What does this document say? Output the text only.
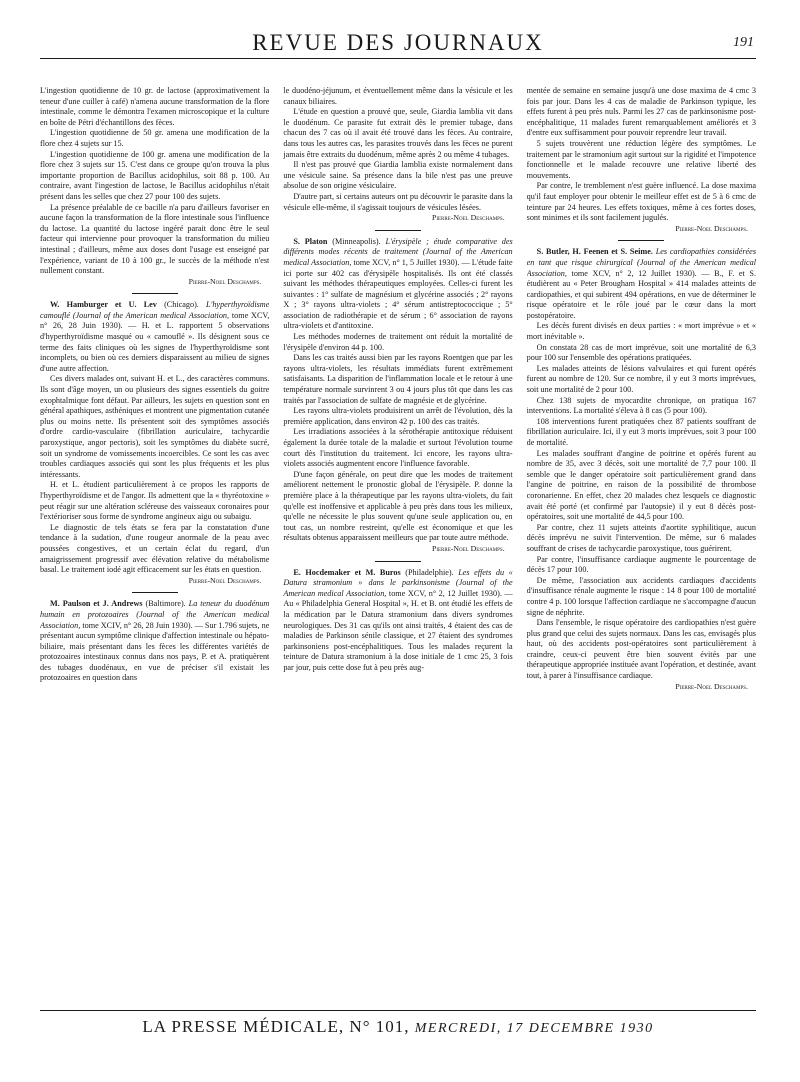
REVUE DES JOURNAUX	191

L'ingestion quotidienne de 10 gr. de lactose (approximativement la teneur d'une cuiller à café) n'amena aucune transformation de la flore intestinale, comme le démontra l'examen microscopique et la culture en boîte de Pétri d'échantillons des fèces.

L'ingestion quotidienne de 50 gr. amena une modification de la flore chez 4 sujets sur 15.

L'ingestion quotidienne de 100 gr. amena une modification de la flore chez 3 sujets sur 15. C'est dans ce groupe qu'on trouva la plus importante proportion de Bacillus acidophilus, soit 88 p. 100. Au contraire, avant l'ingestion de lactose, le Bacillus acidophilus n'était présent dans les selles que chez 27 pour 100 des sujets.

La présence préalable de ce bacille n'a paru d'ailleurs favoriser en aucune façon la transformation de la flore intestinale sous l'influence du lactose. La quantité du lactose ingéré parait donc être le seul facteur qui intervienne pour provoquer la transformation du milieu intestinal ; d'ailleurs, même aux doses dont l'usage est enseigné par l'expérience, variant de 10 à 100 gr., le succès de la méthode n'est nullement constant.

Pierre-Noel Deschamps.

W. Hamburger et U. Lev (Chicago). L'hyperthyroïdisme camouflé (Journal of the American medical Association, tome XCV, n° 26, 28 Juin 1930). — H. et L. rapportent 5 observations d'hyperthyroïdisme masqué ou « camouflé ». Ils désignent sous ce terme des faits cliniques où les signes de l'hyperthyroïdisme sont incomplets, ou bien où ces derniers disparaissent au milieu de signes d'une autre affection.

Ces divers malades ont, suivant H. et L., des caractères communs. Ils sont d'âge moyen, un ou plusieurs des signes essentiels du goitre exophtalmique font défaut. Par ailleurs, les sujets en question sont en général apathiques, asthéniques et montrent une pigmentation cutanée plus ou moins nette. Ils présentent soit des symptômes associés d'ordre cardio-vasculaire (fibrillation auriculaire, tachycardie paroxystique, angor pectoris), soit les symptômes du diabète sucré, soit un syndrome de vomissements incoercibles. Ce sont les cas avec troubles cardiaques associés qui sont les plus fréquents et les plus intéressants.

H. et L. étudient particulièrement à ce propos les rapports de l'hyperthyroïdisme et de l'angor. Ils admettent que la « thyréotoxine » peut réagir sur une altération scléreuse des vaisseaux coronaires pour l'extérioriser sous forme de syndrome angineux aigu ou subaigu.

Le diagnostic de tels états se fera par la constatation d'une tendance à la sudation, d'une rougeur anormale de la peau avec poussées congestives, et un certain éclat du regard, d'un amaigrissement progressif avec élévation relative du métabolisme basal. Le traitement iodé agit efficacement sur les états en question.

Pierre-Noel Deschamps.

M. Paulson et J. Andrews (Baltimore). La teneur du duodénum humain en protozoaires (Journal of the American medical Association, tome XCIV, n° 26, 28 Juin 1930). — Sur 1.796 sujets, ne présentant aucun symptôme clinique d'affection intestinale ou hépato-biliaire, mais présentant dans les fèces les différentes variétés de protozoaires intestinaux connus dans nos pays, P. et A. pratiquèrent des tubages duodénaux, en vue de préciser s'il existait les protozoaires en question dans

le duodéno-jéjunum, et éventuellement même dans la vésicule et les canaux biliaires.

L'étude en question a prouvé que, seule, Giardia lamblia vit dans le duodénum. Ce parasite fut extrait dès le premier tubage, dans chacun des 7 cas où il avait été trouvé dans les fèces. Au contraire, dans tous les autres cas, les parasites trouvés dans les fèces ne purent jamais être extraits du duodénum, même après 2 ou même 4 tubages.

Il n'est pas prouvé que Giardia lamblia existe normalement dans une vésicule saine. Sa présence dans la bile n'est pas une preuve absolue de son origine vésiculaire.

D'autre part, si certains auteurs ont pu découvrir le parasite dans la vésicule elle-même, il s'agissait toujours de vésicules lésées.

Pierre-Noel Deschamps.

S. Platon (Minneapolis). L'érysipèle ; étude comparative des différents modes récents de traitement (Journal of the American medical Association, tome XCV, n° 1, 5 Juillet 1930). — L'étude faite ici porte sur 402 cas d'érysipèle hospitalisés. Ils ont été classés suivant les méthodes thérapeutiques employées. Celles-ci furent les suivantes : 1° sulfate de magnésium et glycérine associés ; 2° rayons X ; 3° rayons ultra-violets ; 4° sérum antistreptococcique ; 5° association de radiothérapie et de sérum ; 6° association de rayons ultra-violets et d'antitoxine.

Les méthodes modernes de traitement ont réduit la mortalité de l'érysipèle d'environ 44 p. 100.

Dans les cas traités aussi bien par les rayons Roentgen que par les rayons ultra-violets, les résultats immédiats furent extrêmement satisfaisants. La disparition de l'inflammation locale et le retour à une température normale survinrent 3 ou 4 jours plus tôt que dans les cas traités par l'association de sulfate de magnésie et de glycérine.

Les rayons ultra-violets produisirent un arrêt de l'évolution, dès la première application, dans environ 42 p. 100 des cas traités.

Les irradiations associées à la sérothérapie antitoxique réduisent également la durée totale de la maladie et surtout l'évolution tourne court dès l'institution du traitement. Ici encore, les rayons ultra-violets associés augmentent encore l'influence favorable.

D'une façon générale, on peut dire que les modes de traitement améliorent nettement le pronostic global de l'érysipèle. P. donne la première place à la thérapeutique par les rayons ultra-violets, du fait qu'elle est inoffensive et applicable à peu près dans tous les milieux, qu'elle ne nécessite le plus souvent qu'une seule application ou, en tout cas, un nombre restreint, qu'elle est économique et que les résultats obtenus apparaissent meilleurs que par toute autre méthode.

Pierre-Noel Deschamps.

E. Hocdemaker et M. Buros (Philadelphie). Les effets du « Datura stramonium » dans le parkinsonisme (Journal of the American medical Association, tome XCV, n° 2, 12 Juillet 1930). — Au « Philadelphia General Hospital », H. et B. ont étudié les effets de la médication par le Datura stramonium dans divers syndromes neurologiques. Des 31 cas qu'ils ont ainsi traités, 4 étaient des cas de maladies de Parkinson sénile classique, et 27 étaient des syndromes parkinsoniens post-encéphalitiques. Tous les malades reçurent la teinture de Datura stramonium à la dose initiale de 1 cmc 25, 3 fois par jour, puis cette dose fut à peu près aug-

mentée de semaine en semaine jusqu'à une dose maxima de 4 cmc 3 fois par jour. Dans les 4 cas de maladie de Parkinson typique, les effets furent à peu près nuls. Parmi les 27 cas de parkinsonisme post-encéphalitique, 11 malades furent remarquablement améliorés et 3 d'entre eux suffisamment pour pouvoir reprendre leur travail.

5 sujets trouvèrent une réduction légère des symptômes. Le traitement par le stramonium agit surtout sur la rigidité et l'impotence fonctionnelle et le malade recouvre une relative liberté des mouvements.

Par contre, le tremblement n'est guère influencé. La dose maxima qu'il faut employer pour obtenir le meilleur effet est de 5 à 6 cmc de teinture par 24 heures. Les effets toxiques, même à ces fortes doses, sont minimes et ils sont facilement jugulés.

Pierre-Noel Deschamps.

S. Butler, H. Feenen et S. Seime. Les cardiopathies considérées en tant que risque chirurgical (Journal of the American medical Association, tome XCV, n° 2, 12 Juillet 1930). — B., F. et S. étudièrent au « Peter Brougham Hospital » 414 malades atteints de cardiopathies, et qui subirent 494 opérations, en vue de déterminer le risque opératoire et le rôle joué par le cœur dans la mort postopératoire.

Les décès furent divisés en deux parties : « mort imprévue » et « mort inévitable ».

On constata 28 cas de mort imprévue, soit une mortalité de 6,3 pour 100 sur l'ensemble des opérations pratiquées.

Les malades atteints de lésions valvulaires et qui furent opérés furent au nombre de 120. Sur ce nombre, il y eut 3 morts imprévues, soit une mortalité de 2 pour 100.

Chez 138 sujets de myocardite chronique, on pratiqua 167 interventions. La mortalité s'éleva à 8 cas (5 pour 100).

108 interventions furent pratiquées chez 87 patients souffrant de fibrillation auriculaire. Ici, il y eut 3 morts imprévues, soit 3 pour 100 de mortalité.

Les malades souffrant d'angine de poitrine et opérés furent au nombre de 35, avec 3 décès, soit une mortalité de 7,7 pour 100. Il semble que le danger opératoire soit particulièrement grand dans l'angine de poitrine, en raison de la possibilité de thrombose coronarienne. En effet, chez 20 malades chez lesquels ce diagnostic avait été porté (et confirmé par l'autopsie) il y eut 8 décès post-opératoires, soit une mortalité de 44,5 pour 100.

Par contre, chez 11 sujets atteints d'aortite syphilitique, aucun décès imprévu ne suivit l'intervention. De même, sur 6 malades souffrant de crises de tachycardie paroxystique, tous guérirent.

Par contre, l'insuffisance cardiaque augmente le pourcentage de décès 17 pour 100.

De même, l'association aux accidents cardiaques d'accidents d'insuffisance rénale augmente le risque : 14 8 pour 100 de mortalité contre 4 p. 100 lorsque l'affection cardiaque ne s'accompagne d'aucun signe de néphrite.

Dans l'ensemble, le risque opératoire des cardiopathies n'est guère plus grand que celui des sujets normaux. Dans les cas, envisagés plus haut, où des accidents post-opératoires sont particulièrement à craindre, ceux-ci peuvent être bien souvent évités par une thérapeutique appropriée instituée avant l'opération, et destinée, avant tout, à parer à l'insuffisance cardiaque.

Pierre-Noel Deschamps.

LA PRESSE MÉDICALE, N° 101, MERCREDI, 17 DECEMBRE 1930
